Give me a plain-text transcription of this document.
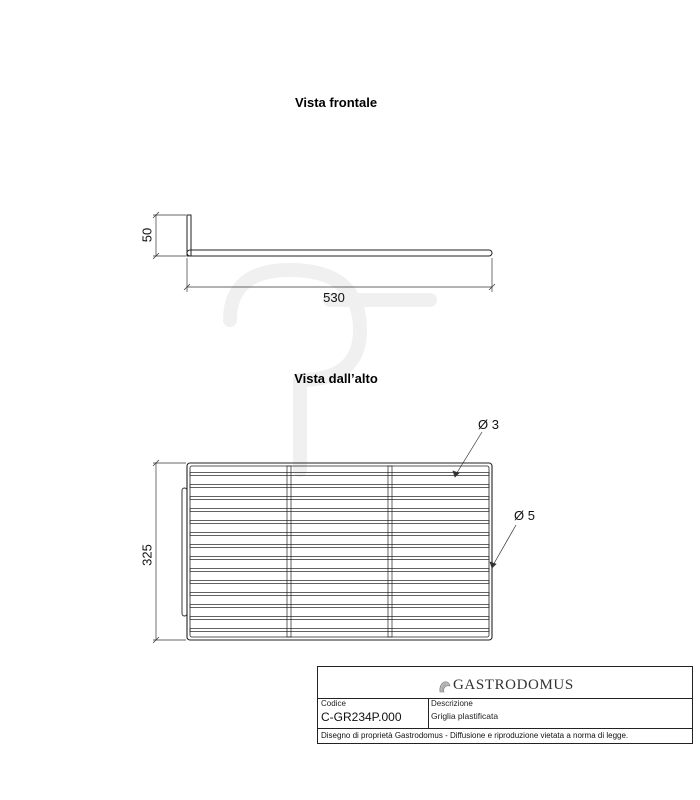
Vista frontale
Vista dall’alto
50
530
325
Ø 3
Ø 5
GASTRODOMUS
Codice
C-GR234P.000
Descrizione
Griglia plastificata
Disegno di proprietà Gastrodomus - Diffusione e riproduzione vietata a norma di legge.
